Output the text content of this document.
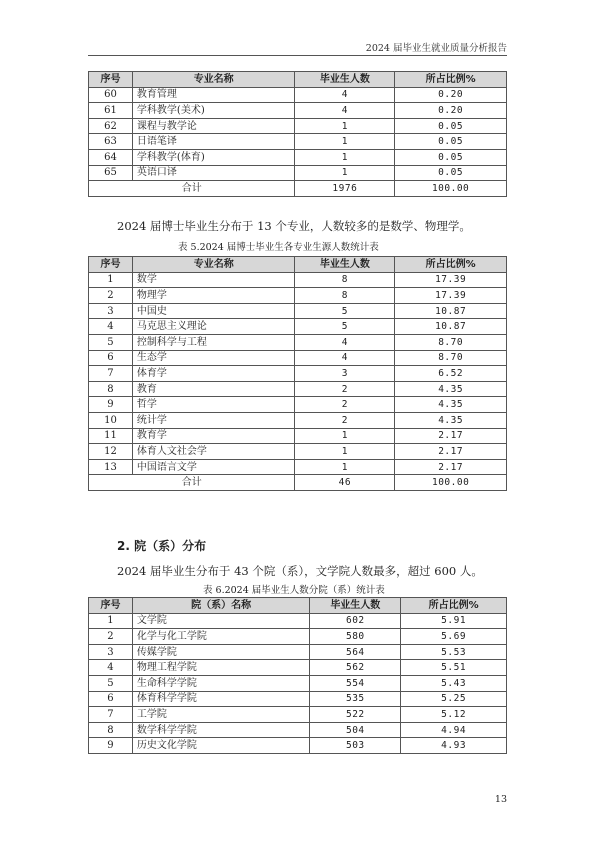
2024 届毕业生就业质量分析报告
序号	专业名称	毕业生人数	所占比例%
60	教育管理	4	0.20
61	学科教学(美术)	4	0.20
62	课程与教学论	1	0.05
63	日语笔译	1	0.05
64	学科教学(体育)	1	0.05
65	英语口译	1	0.05
合计		1976	100.00
2024 届博士毕业生分布于 13 个专业，人数较多的是数学、物理学。
表 5.2024 届博士毕业生各专业生源人数统计表
序号	专业名称	毕业生人数	所占比例%
1	数学	8	17.39
2	物理学	8	17.39
3	中国史	5	10.87
4	马克思主义理论	5	10.87
5	控制科学与工程	4	8.70
6	生态学	4	8.70
7	体育学	3	6.52
8	教育	2	4.35
9	哲学	2	4.35
10	统计学	2	4.35
11	教育学	1	2.17
12	体育人文社会学	1	2.17
13	中国语言文学	1	2.17
合计		46	100.00
2. 院（系）分布
2024 届毕业生分布于 43 个院（系），文学院人数最多，超过 600 人。
表 6.2024 届毕业生人数分院（系）统计表
序号	院（系）名称	毕业生人数	所占比例%
1	文学院	602	5.91
2	化学与化工学院	580	5.69
3	传媒学院	564	5.53
4	物理工程学院	562	5.51
5	生命科学学院	554	5.43
6	体育科学学院	535	5.25
7	工学院	522	5.12
8	数学科学学院	504	4.94
9	历史文化学院	503	4.93
13
